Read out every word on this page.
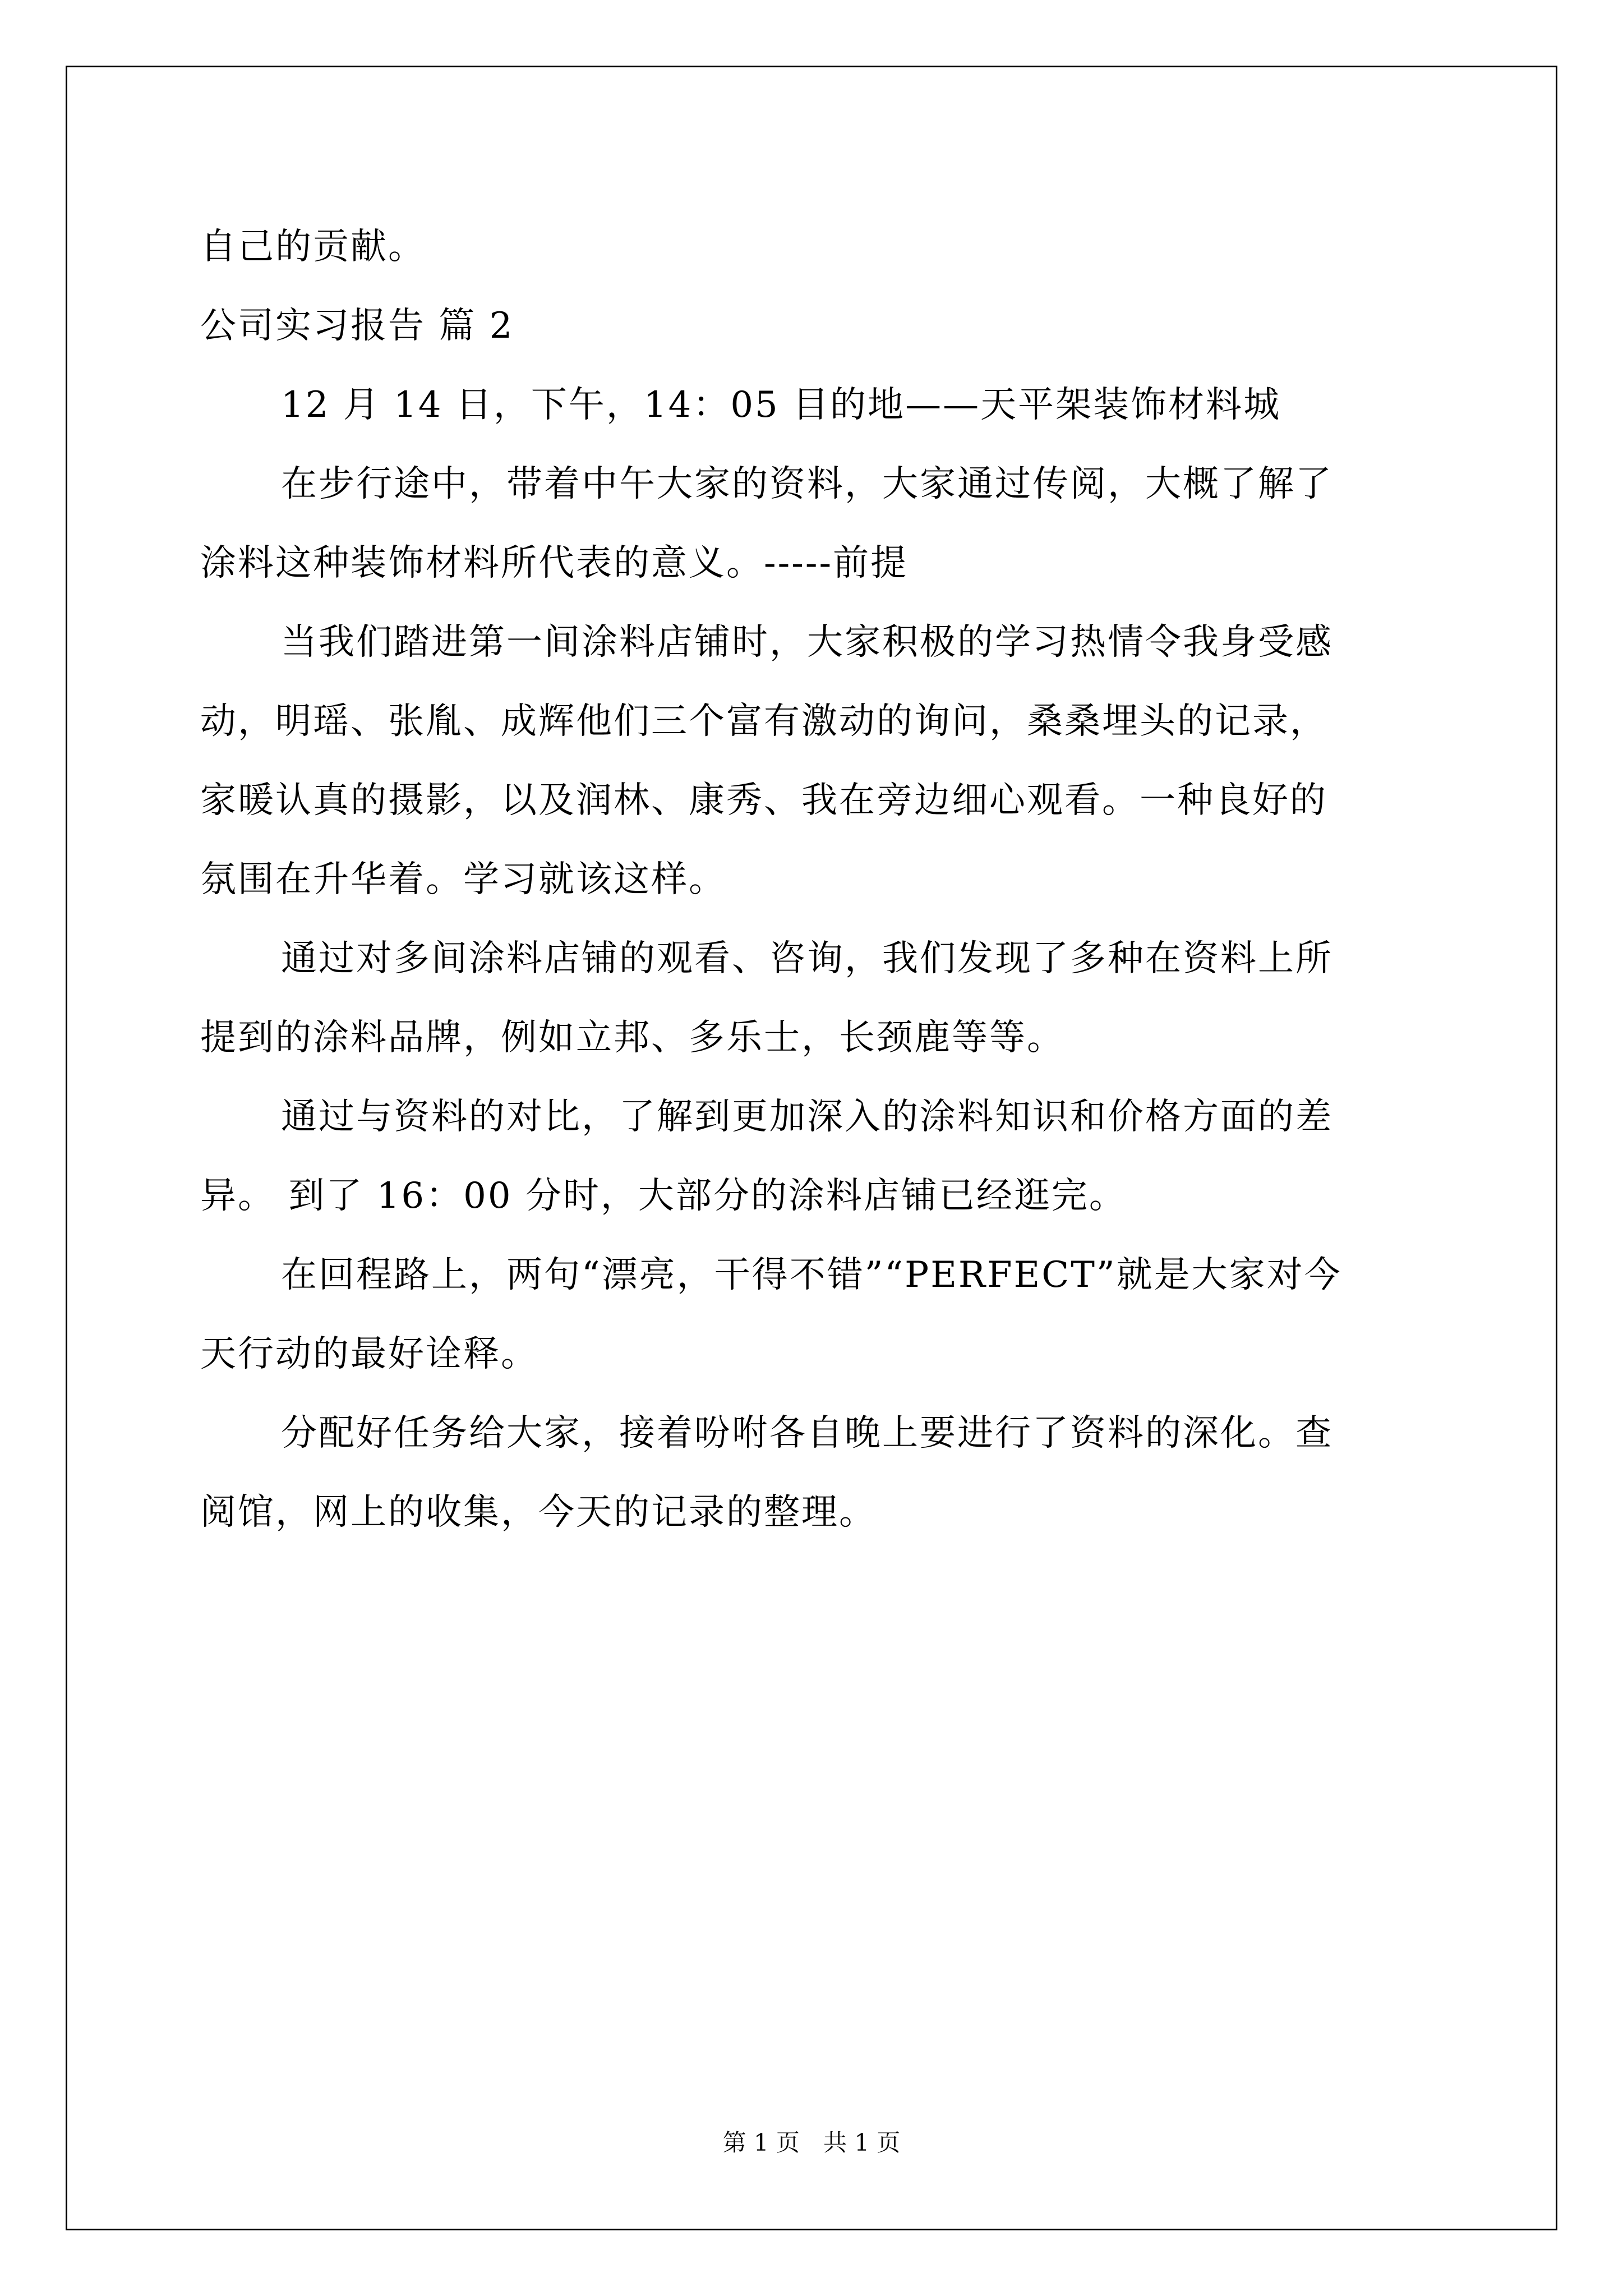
自己的贡献。
公司实习报告 篇 2
12 月 14 日，下午，14：05 目的地——天平架装饰材料城
在步行途中，带着中午大家的资料，大家通过传阅，大概了解了
涂料这种装饰材料所代表的意义。-----前提
当我们踏进第一间涂料店铺时，大家积极的学习热情令我身受感
动，明瑶、张胤、成辉他们三个富有激动的询问，桑桑埋头的记录，
家暖认真的摄影，以及润林、康秀、我在旁边细心观看。一种良好的
氛围在升华着。学习就该这样。
通过对多间涂料店铺的观看、咨询，我们发现了多种在资料上所
提到的涂料品牌，例如立邦、多乐士，长颈鹿等等。
通过与资料的对比，了解到更加深入的涂料知识和价格方面的差
异。 到了 16：00 分时，大部分的涂料店铺已经逛完。
在回程路上，两句“漂亮，干得不错”“PERFECT”就是大家对今
天行动的最好诠释。
分配好任务给大家，接着吩咐各自晚上要进行了资料的深化。查
阅馆，网上的收集，今天的记录的整理。
第 1 页　共 1 页
